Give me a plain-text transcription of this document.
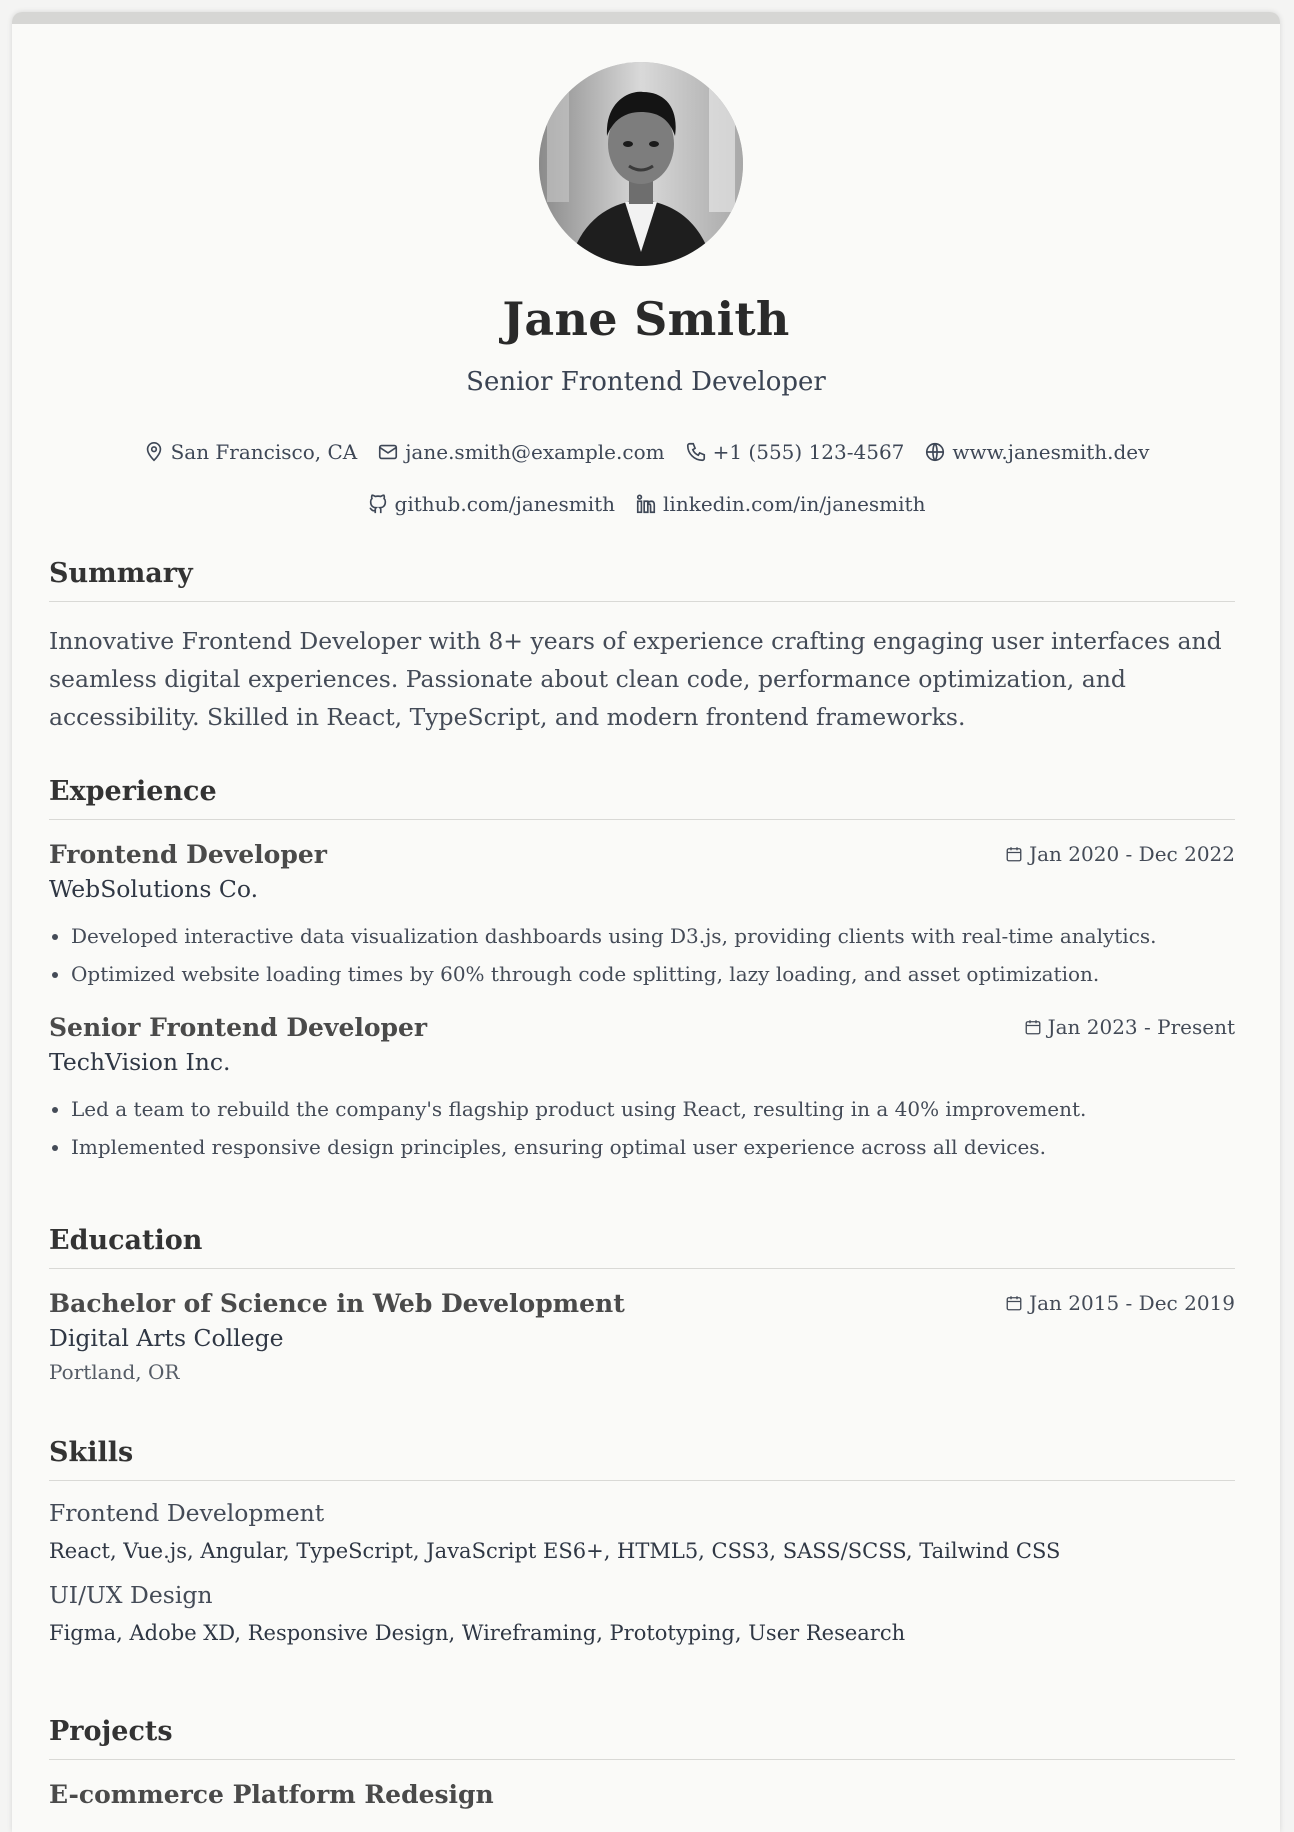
Jane Smith
Senior Frontend Developer
San Francisco, CA jane.smith@example.com +1 (555) 123-4567 www.janesmith.dev
github.com/janesmith linkedin.com/in/janesmith
Summary
Innovative Frontend Developer with 8+ years of experience crafting engaging user interfaces and seamless digital experiences. Passionate about clean code, performance optimization, and accessibility. Skilled in React, TypeScript, and modern frontend frameworks.
Experience
Frontend Developer	Jan 2020 - Dec 2022
WebSolutions Co.
• Developed interactive data visualization dashboards using D3.js, providing clients with real-time analytics.
• Optimized website loading times by 60% through code splitting, lazy loading, and asset optimization.
Senior Frontend Developer	Jan 2023 - Present
TechVision Inc.
• Led a team to rebuild the company's flagship product using React, resulting in a 40% improvement.
• Implemented responsive design principles, ensuring optimal user experience across all devices.
Education
Bachelor of Science in Web Development	Jan 2015 - Dec 2019
Digital Arts College
Portland, OR
Skills
Frontend Development
React, Vue.js, Angular, TypeScript, JavaScript ES6+, HTML5, CSS3, SASS/SCSS, Tailwind CSS
UI/UX Design
Figma, Adobe XD, Responsive Design, Wireframing, Prototyping, User Research
Projects
E-commerce Platform Redesign
